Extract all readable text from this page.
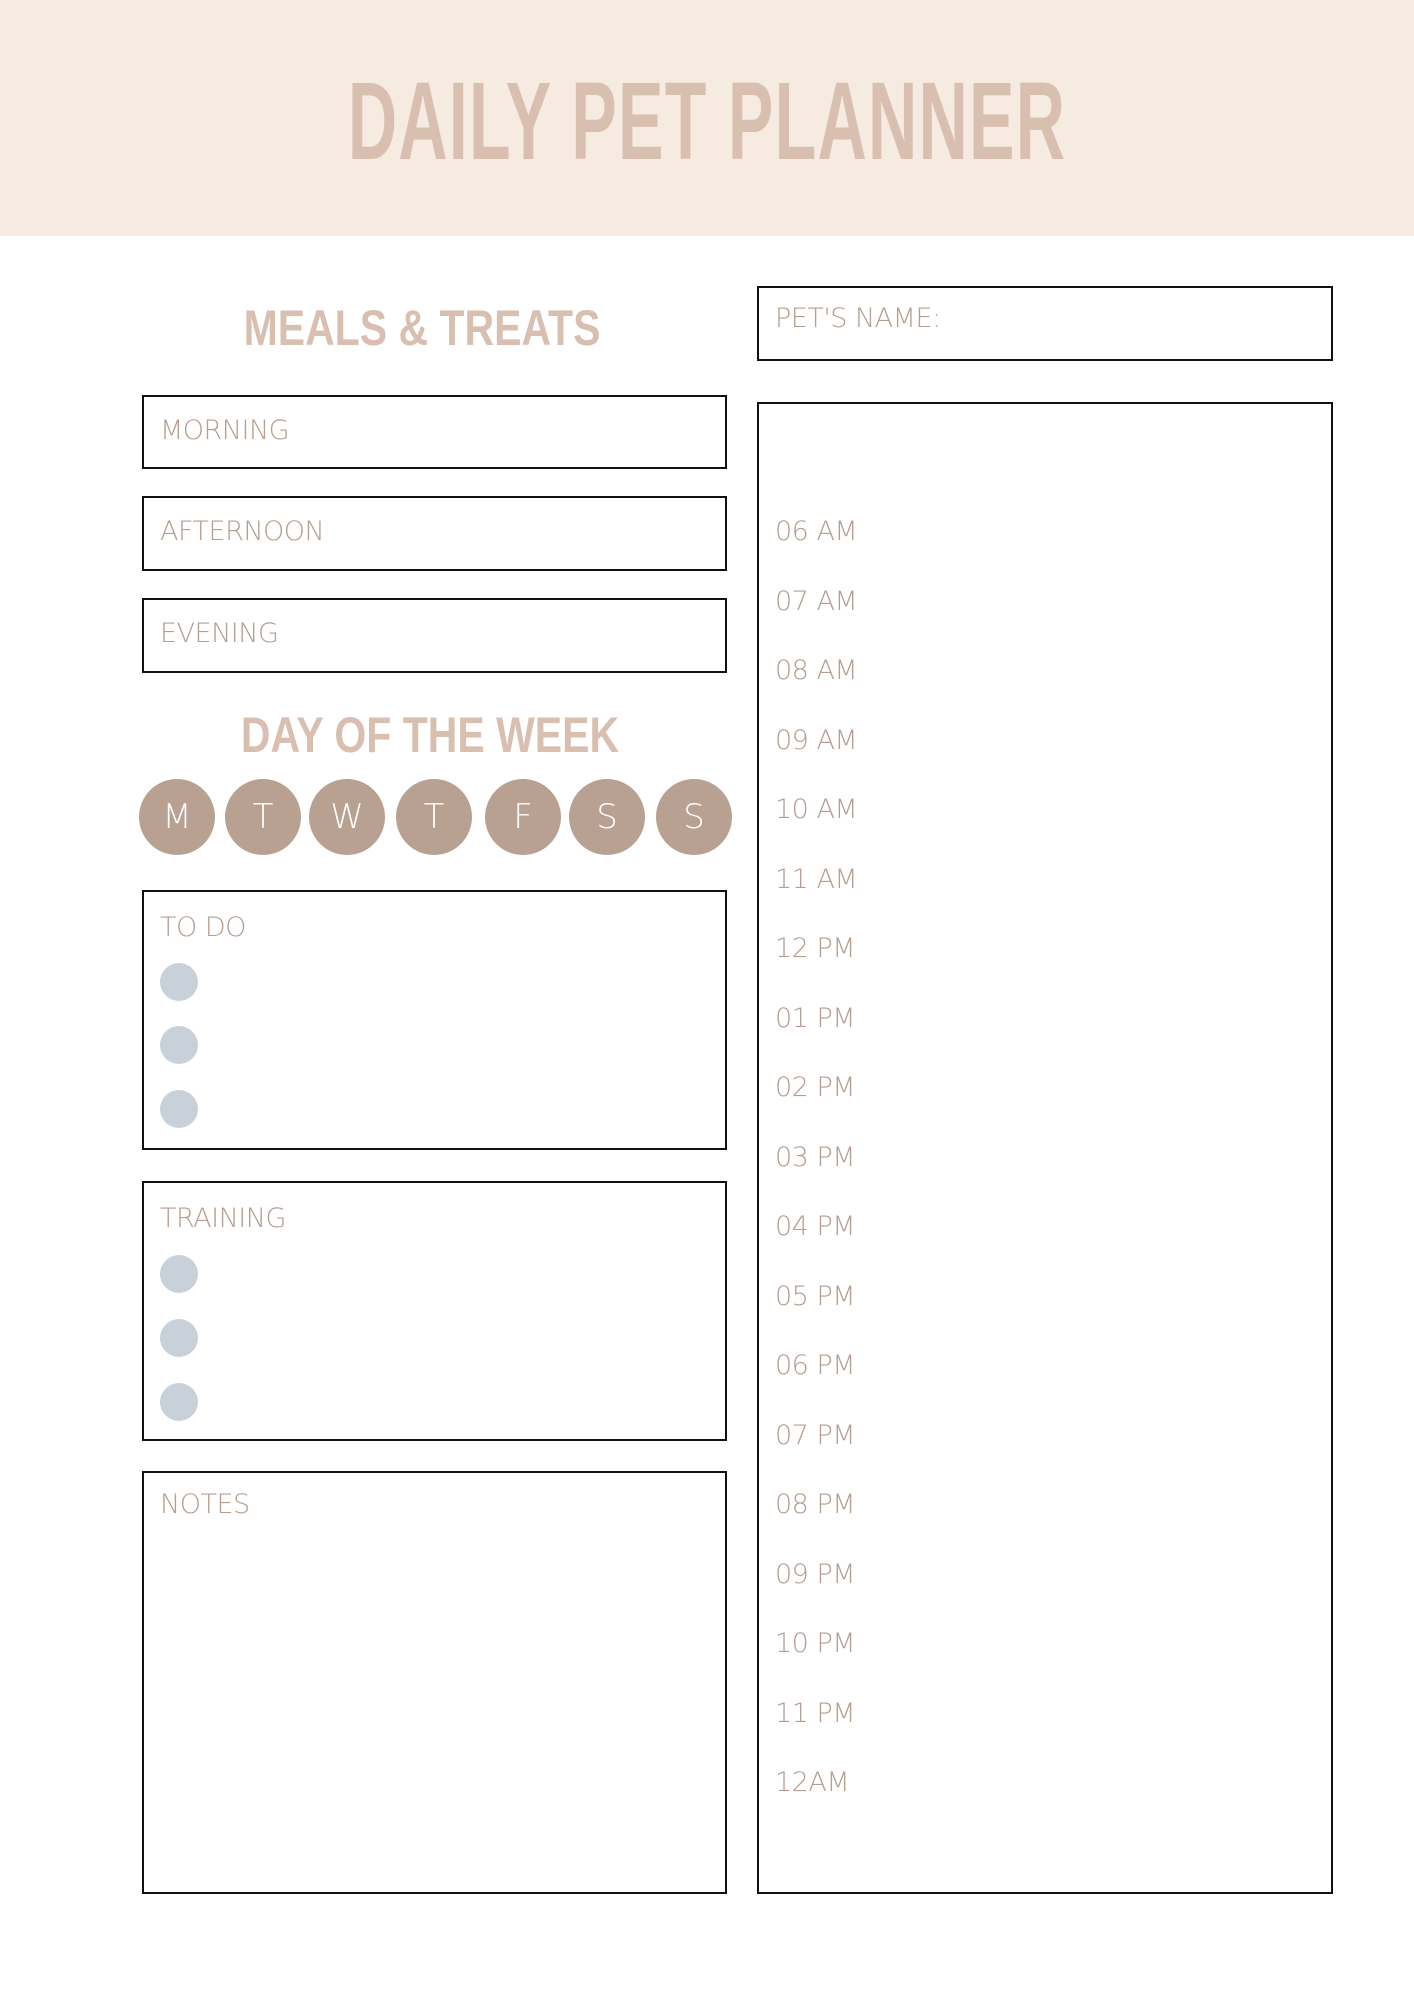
DAILY PET PLANNER
MEALS & TREATS
MORNING
AFTERNOON
EVENING
DAY OF THE WEEK
M	T	W	T	F	S	S
TO DO
TRAINING
NOTES
PET'S NAME:
06 AM
07 AM
08 AM
09 AM
10 AM
11 AM
12 PM
01 PM
02 PM
03 PM
04 PM
05 PM
06 PM
07 PM
08 PM
09 PM
10 PM
11 PM
12AM
